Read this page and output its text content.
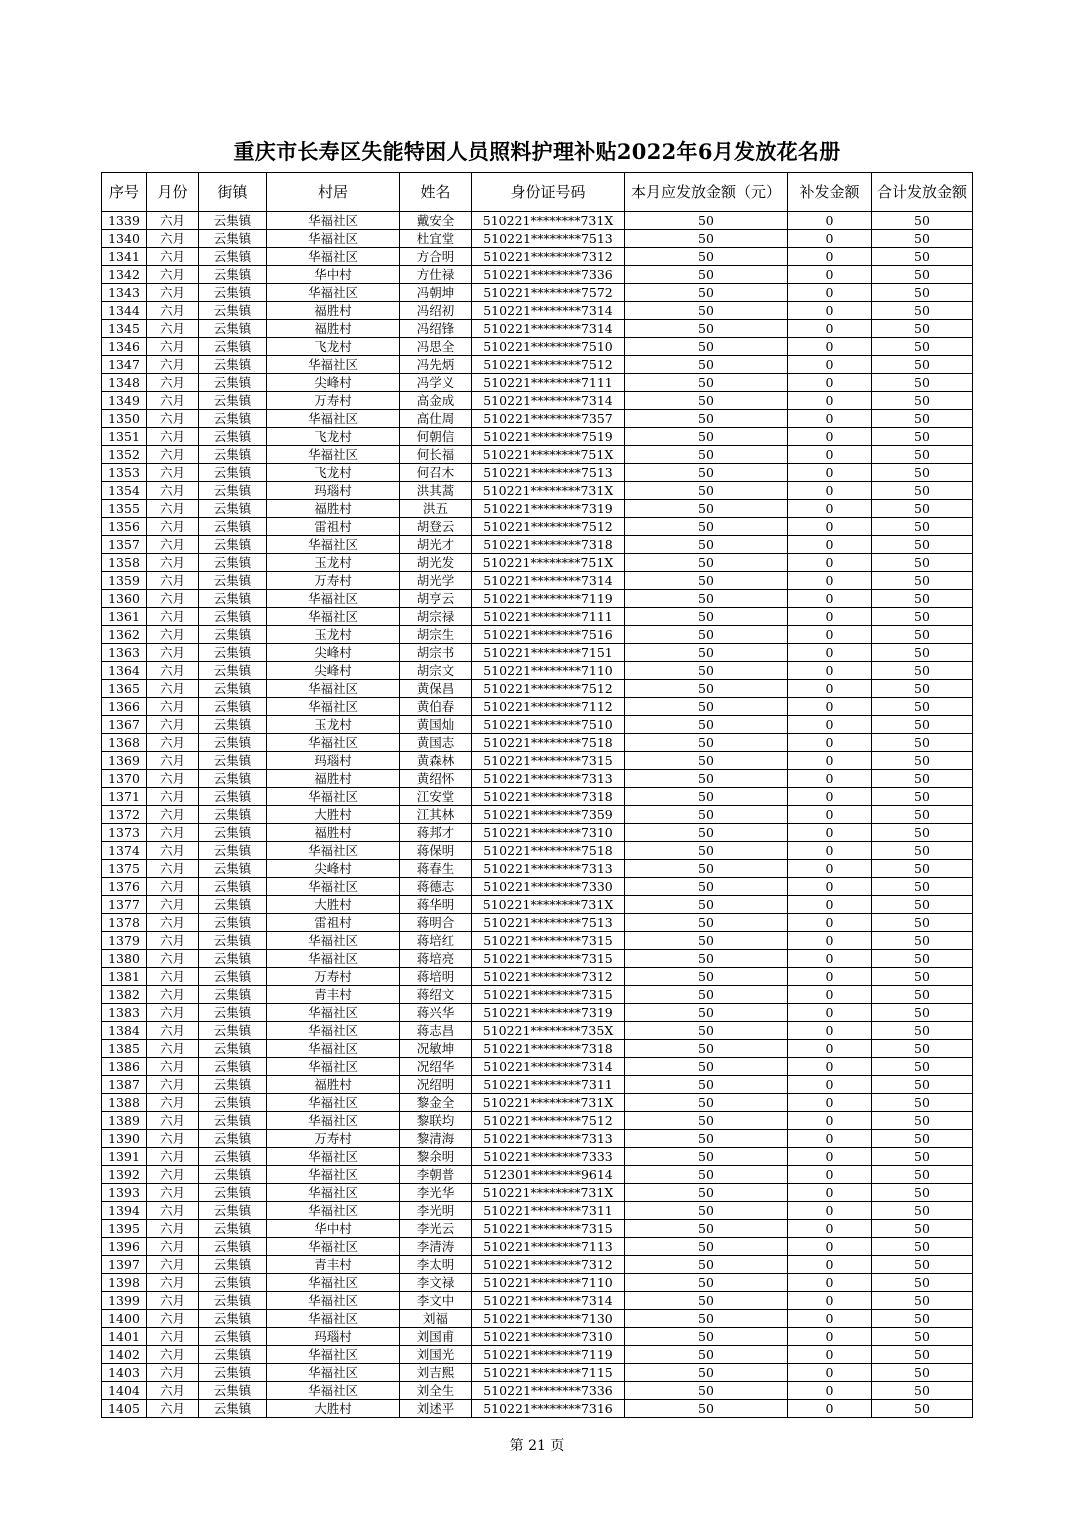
重庆市长寿区失能特困人员照料护理补贴2022年6月发放花名册
序号	月份	街镇	村居	姓名	身份证号码	本月应发放金额（元）	补发金额	合计发放金额
1339	六月	云集镇	华福社区	戴安全	510221********731X	50	0	50
1340	六月	云集镇	华福社区	杜宜堂	510221********7513	50	0	50
1341	六月	云集镇	华福社区	方合明	510221********7312	50	0	50
1342	六月	云集镇	华中村	方仕禄	510221********7336	50	0	50
1343	六月	云集镇	华福社区	冯朝坤	510221********7572	50	0	50
1344	六月	云集镇	福胜村	冯绍初	510221********7314	50	0	50
1345	六月	云集镇	福胜村	冯绍锋	510221********7314	50	0	50
1346	六月	云集镇	飞龙村	冯思全	510221********7510	50	0	50
1347	六月	云集镇	华福社区	冯先炳	510221********7512	50	0	50
1348	六月	云集镇	尖峰村	冯学义	510221********7111	50	0	50
1349	六月	云集镇	万寿村	高金成	510221********7314	50	0	50
1350	六月	云集镇	华福社区	高仕周	510221********7357	50	0	50
1351	六月	云集镇	飞龙村	何朝信	510221********7519	50	0	50
1352	六月	云集镇	华福社区	何长福	510221********751X	50	0	50
1353	六月	云集镇	飞龙村	何召木	510221********7513	50	0	50
1354	六月	云集镇	玛瑙村	洪其蒿	510221********731X	50	0	50
1355	六月	云集镇	福胜村	洪五	510221********7319	50	0	50
1356	六月	云集镇	雷祖村	胡登云	510221********7512	50	0	50
1357	六月	云集镇	华福社区	胡光才	510221********7318	50	0	50
1358	六月	云集镇	玉龙村	胡光发	510221********751X	50	0	50
1359	六月	云集镇	万寿村	胡光学	510221********7314	50	0	50
1360	六月	云集镇	华福社区	胡亨云	510221********7119	50	0	50
1361	六月	云集镇	华福社区	胡宗禄	510221********7111	50	0	50
1362	六月	云集镇	玉龙村	胡宗生	510221********7516	50	0	50
1363	六月	云集镇	尖峰村	胡宗书	510221********7151	50	0	50
1364	六月	云集镇	尖峰村	胡宗文	510221********7110	50	0	50
1365	六月	云集镇	华福社区	黄保昌	510221********7512	50	0	50
1366	六月	云集镇	华福社区	黄伯春	510221********7112	50	0	50
1367	六月	云集镇	玉龙村	黄国灿	510221********7510	50	0	50
1368	六月	云集镇	华福社区	黄国志	510221********7518	50	0	50
1369	六月	云集镇	玛瑙村	黄森林	510221********7315	50	0	50
1370	六月	云集镇	福胜村	黄绍怀	510221********7313	50	0	50
1371	六月	云集镇	华福社区	江安堂	510221********7318	50	0	50
1372	六月	云集镇	大胜村	江其林	510221********7359	50	0	50
1373	六月	云集镇	福胜村	蒋邦才	510221********7310	50	0	50
1374	六月	云集镇	华福社区	蒋保明	510221********7518	50	0	50
1375	六月	云集镇	尖峰村	蒋春生	510221********7313	50	0	50
1376	六月	云集镇	华福社区	蒋德志	510221********7330	50	0	50
1377	六月	云集镇	大胜村	蒋华明	510221********731X	50	0	50
1378	六月	云集镇	雷祖村	蒋明合	510221********7513	50	0	50
1379	六月	云集镇	华福社区	蒋培红	510221********7315	50	0	50
1380	六月	云集镇	华福社区	蒋培亮	510221********7315	50	0	50
1381	六月	云集镇	万寿村	蒋培明	510221********7312	50	0	50
1382	六月	云集镇	青丰村	蒋绍文	510221********7315	50	0	50
1383	六月	云集镇	华福社区	蒋兴华	510221********7319	50	0	50
1384	六月	云集镇	华福社区	蒋志昌	510221********735X	50	0	50
1385	六月	云集镇	华福社区	况敏坤	510221********7318	50	0	50
1386	六月	云集镇	华福社区	况绍华	510221********7314	50	0	50
1387	六月	云集镇	福胜村	况绍明	510221********7311	50	0	50
1388	六月	云集镇	华福社区	黎金全	510221********731X	50	0	50
1389	六月	云集镇	华福社区	黎联均	510221********7512	50	0	50
1390	六月	云集镇	万寿村	黎清海	510221********7313	50	0	50
1391	六月	云集镇	华福社区	黎余明	510221********7333	50	0	50
1392	六月	云集镇	华福社区	李朝普	512301********9614	50	0	50
1393	六月	云集镇	华福社区	李光华	510221********731X	50	0	50
1394	六月	云集镇	华福社区	李光明	510221********7311	50	0	50
1395	六月	云集镇	华中村	李光云	510221********7315	50	0	50
1396	六月	云集镇	华福社区	李清涛	510221********7113	50	0	50
1397	六月	云集镇	青丰村	李太明	510221********7312	50	0	50
1398	六月	云集镇	华福社区	李文禄	510221********7110	50	0	50
1399	六月	云集镇	华福社区	李文中	510221********7314	50	0	50
1400	六月	云集镇	华福社区	刘福	510221********7130	50	0	50
1401	六月	云集镇	玛瑙村	刘国甫	510221********7310	50	0	50
1402	六月	云集镇	华福社区	刘国光	510221********7119	50	0	50
1403	六月	云集镇	华福社区	刘吉熙	510221********7115	50	0	50
1404	六月	云集镇	华福社区	刘全生	510221********7336	50	0	50
1405	六月	云集镇	大胜村	刘述平	510221********7316	50	0	50
第 21 页
